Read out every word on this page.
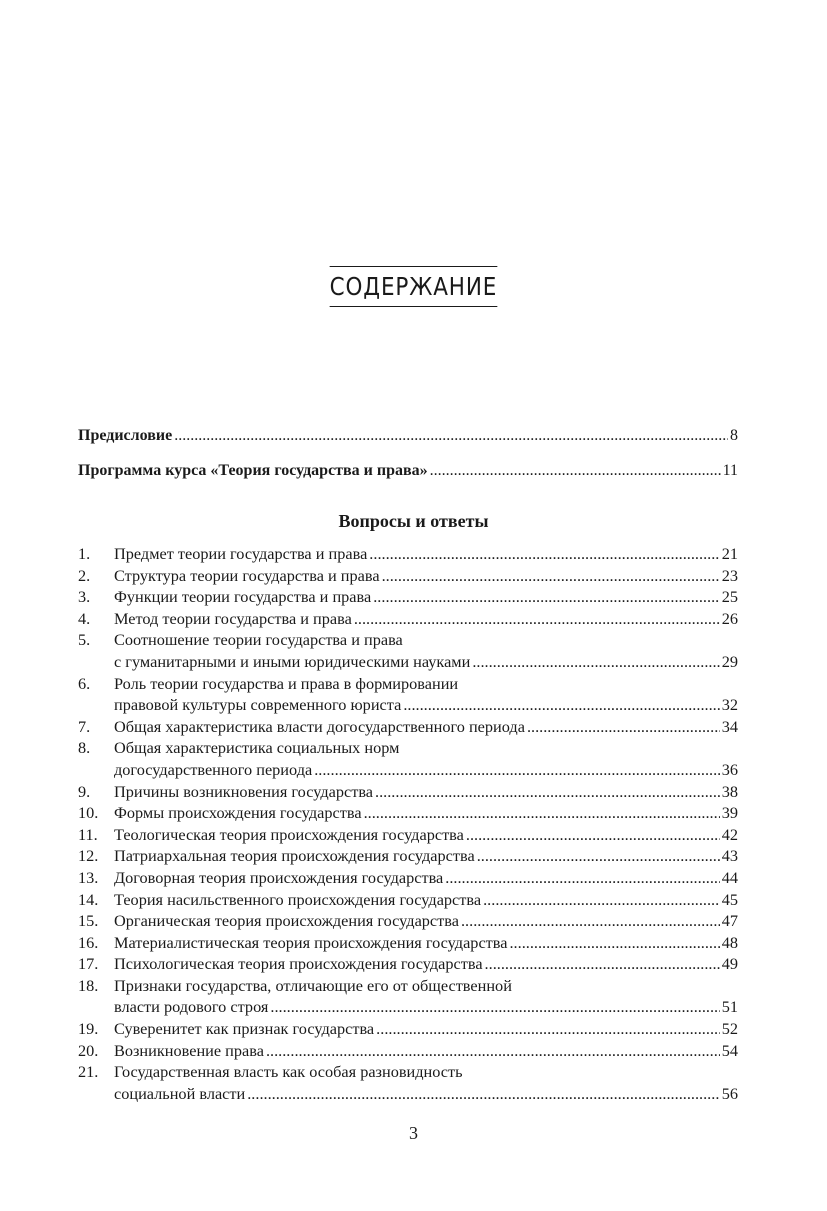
СОДЕРЖАНИЕ
Предисловие .....	8
Программа курса «Теория государства и права» .....	11
Вопросы и ответы
1.	Предмет теории государства и права .....	21
2.	Структура теории государства и права .....	23
3.	Функции теории государства и права .....	25
4.	Метод теории государства и права .....	26
5.	Соотношение теории государства и права
с гуманитарными и иными юридическими науками .....	29
6.	Роль теории государства и права в формировании
правовой культуры современного юриста .....	32
7.	Общая характеристика власти догосударственного периода .....	34
8.	Общая характеристика социальных норм
догосударственного периода .....	36
9.	Причины возникновения государства .....	38
10. Формы происхождения государства .....	39
11. Теологическая теория происхождения государства .....	42
12. Патриархальная теория происхождения государства .....	43
13. Договорная теория происхождения государства .....	44
14. Теория насильственного происхождения государства .....	45
15. Органическая теория происхождения государства .....	47
16. Материалистическая теория происхождения государства .....	48
17. Психологическая теория происхождения государства .....	49
18. Признаки государства, отличающие его от общественной
власти родового строя .....	51
19. Суверенитет как признак государства .....	52
20. Возникновение права .....	54
21. Государственная власть как особая разновидность
социальной власти .....	56
3
